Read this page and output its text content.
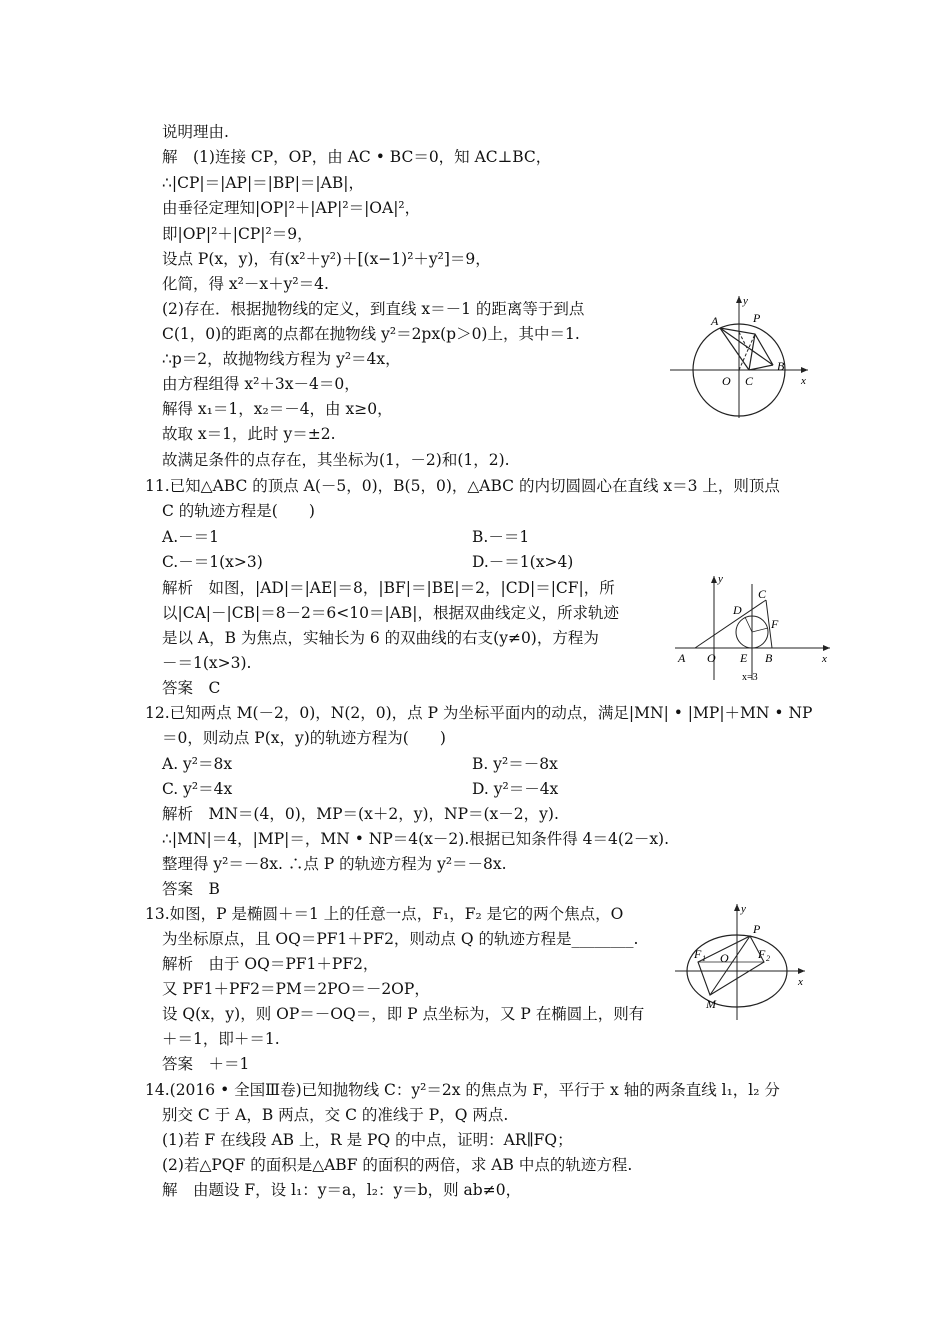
说明理由.
解　(1)连接 CP，OP，由 AC • BC＝0，知 AC⊥BC，
∴|CP|＝|AP|＝|BP|＝|AB|，
由垂径定理知|OP|²＋|AP|²＝|OA|²，
即|OP|²＋|CP|²＝9，
设点 P(x，y)，有(x²＋y²)＋[(x−1)²＋y²]＝9，
化简，得 x²－x＋y²＝4.
(2)存在．根据抛物线的定义，到直线 x＝－1 的距离等于到点
C(1，0)的距离的点都在抛物线 y²＝2px(p＞0)上，其中＝1.
∴p＝2，故抛物线方程为 y²＝4x，
由方程组得 x²＋3x－4＝0，
解得 x₁＝1，x₂＝－4，由 x≥0，
故取 x＝1，此时 y＝±2.
故满足条件的点存在，其坐标为(1，－2)和(1，2).
11.已知△ABC 的顶点 A(－5，0)，B(5，0)，△ABC 的内切圆圆心在直线 x＝3 上，则顶点
C 的轨迹方程是(　　)
A.－＝1	B.－＝1
C.－＝1(x>3)	D.－＝1(x>4)
解析　如图，|AD|＝|AE|＝8，|BF|＝|BE|＝2，|CD|＝|CF|，所
以|CA|－|CB|＝8－2＝6<10＝|AB|，根据双曲线定义，所求轨迹
是以 A，B 为焦点，实轴长为 6 的双曲线的右支(y≠0)，方程为
－＝1(x>3).
答案　C
12.已知两点 M(－2，0)，N(2，0)，点 P 为坐标平面内的动点，满足|MN| • |MP|＋MN • NP
＝0，则动点 P(x，y)的轨迹方程为(　　)
A. y²＝8x	B. y²＝－8x
C. y²＝4x	D. y²＝－4x
解析　MN＝(4，0)，MP＝(x＋2，y)，NP＝(x－2，y).
∴|MN|＝4，|MP|＝，MN • NP＝4(x－2).根据已知条件得 4＝4(2－x).
整理得 y²＝－8x. ∴点 P 的轨迹方程为 y²＝－8x.
答案　B
13.如图，P 是椭圆＋＝1 上的任意一点，F₁，F₂ 是它的两个焦点，O
为坐标原点，且 OQ＝PF1＋PF2，则动点 Q 的轨迹方程是________.
解析　由于 OQ＝PF1＋PF2，
又 PF1＋PF2＝PM＝2PO＝－2OP，
设 Q(x，y)，则 OP＝－OQ＝，即 P 点坐标为，又 P 在椭圆上，则有
＋＝1，即＋＝1.
答案　＋＝1
14.(2016 • 全国Ⅲ卷)已知抛物线 C：y²＝2x 的焦点为 F，平行于 x 轴的两条直线 l₁，l₂ 分
别交 C 于 A，B 两点，交 C 的准线于 P，Q 两点.
(1)若 F 在线段 AB 上，R 是 PQ 的中点，证明：AR∥FQ；
(2)若△PQF 的面积是△ABF 的面积的两倍，求 AB 中点的轨迹方程.
解　由题设 F，设 l₁：y＝a，l₂：y＝b，则 ab≠0，
A	P
B
O C	x
y
A O E B
D
C
F
x
y
x=3
P
F 1 O F 2
M
x
y
